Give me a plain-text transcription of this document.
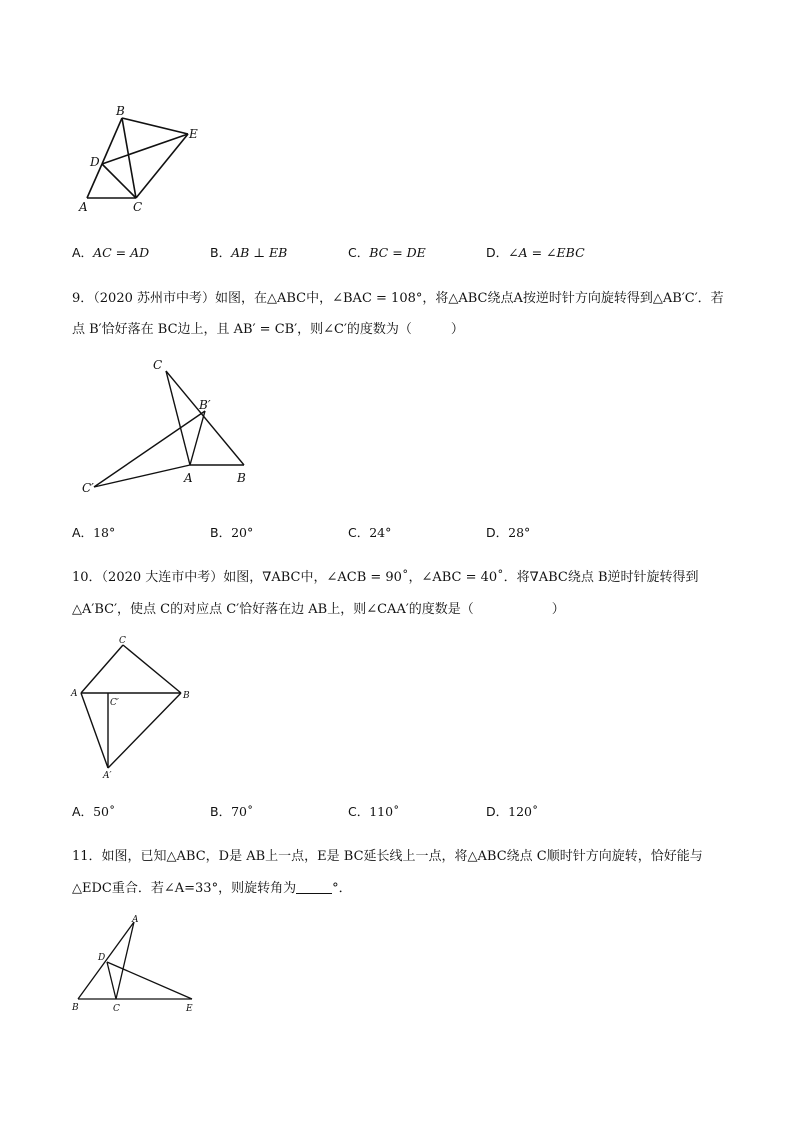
B
E
D
A	C
A．AC = AD	B．AB ⊥ EB	C．BC = DE	D．∠A = ∠EBC
9．（2020 苏州市中考）如图，在△ABC中，∠BAC = 108°，将△ABC绕点A按逆时针方向旋转得到△AB′C′．若
点 B′恰好落在 BC边上，且 AB′ = CB′，则∠C′的度数为（　　　）
C
B′
C′
A	B
A．18°	B．20°	C．24°	D．28°
10．（2020 大连市中考）如图，∇ABC中，∠ACB = 90˚，∠ABC = 40˚．将∇ABC绕点 B逆时针旋转得到
△A′BC′，使点 C的对应点 C′恰好落在边 AB上，则∠CAA′的度数是（　　　　　　）
C
A
C′
B
A′
A．50˚	B．70˚	C．110˚	D．120˚
11．如图，已知△ABC，D是 AB上一点，E是 BC延长线上一点，将△ABC绕点 C顺时针方向旋转，恰好能与
△EDC重合．若∠A=33°，则旋转角为	°．
A
D
B	C	E
